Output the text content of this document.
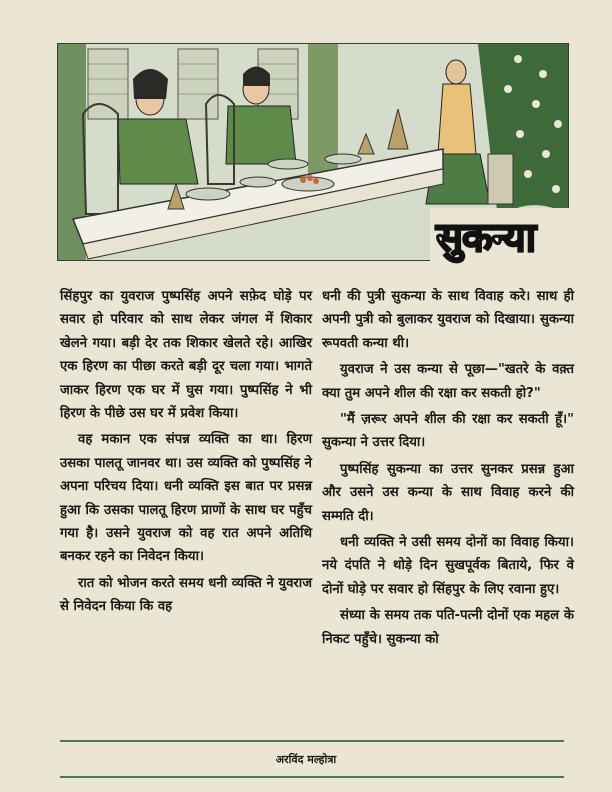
सुकन्या

सिंहपुर का युवराज पुष्पसिंह अपने सफ़ेद घोड़े पर सवार हो परिवार को साथ लेकर जंगल में शिकार खेलने गया। बड़ी देर तक शिकार खेलते रहे। आखिर एक हिरण का पीछा करते बड़ी दूर चला गया। भागते जाकर हिरण एक घर में घुस गया। पुष्पसिंह ने भी हिरण के पीछे उस घर में प्रवेश किया।

वह मकान एक संपन्न व्यक्ति का था। हिरण उसका पालतू जानवर था। उस व्यक्ति को पुष्पसिंह ने अपना परिचय दिया। धनी व्यक्ति इस बात पर प्रसन्न हुआ कि उसका पालतू हिरण प्राणों के साथ घर पहुँच गया है। उसने युवराज को वह रात अपने अतिथि बनकर रहने का निवेदन किया।

रात को भोजन करते समय धनी व्यक्ति ने युवराज से निवेदन किया कि वह

धनी की पुत्री सुकन्या के साथ विवाह करे। साथ ही अपनी पुत्री को बुलाकर युवराज को दिखाया। सुकन्या रूपवती कन्या थी।

युवराज ने उस कन्या से पूछा—"खतरे के वक़्त क्या तुम अपने शील की रक्षा कर सकती हो?"

"मैं ज़रूर अपने शील की रक्षा कर सकती हूँ।" सुकन्या ने उत्तर दिया।

पुष्पसिंह सुकन्या का उत्तर सुनकर प्रसन्न हुआ और उसने उस कन्या के साथ विवाह करने की सम्मति दी।

धनी व्यक्ति ने उसी समय दोनों का विवाह किया। नये दंपति ने थोड़े दिन सुखपूर्वक बिताये, फिर वे दोनों घोड़े पर सवार हो सिंहपुर के लिए रवाना हुए।

संध्या के समय तक पति-पत्नी दोनों एक महल के निकट पहुँचे। सुकन्या को

अरविंद मल्होत्रा
